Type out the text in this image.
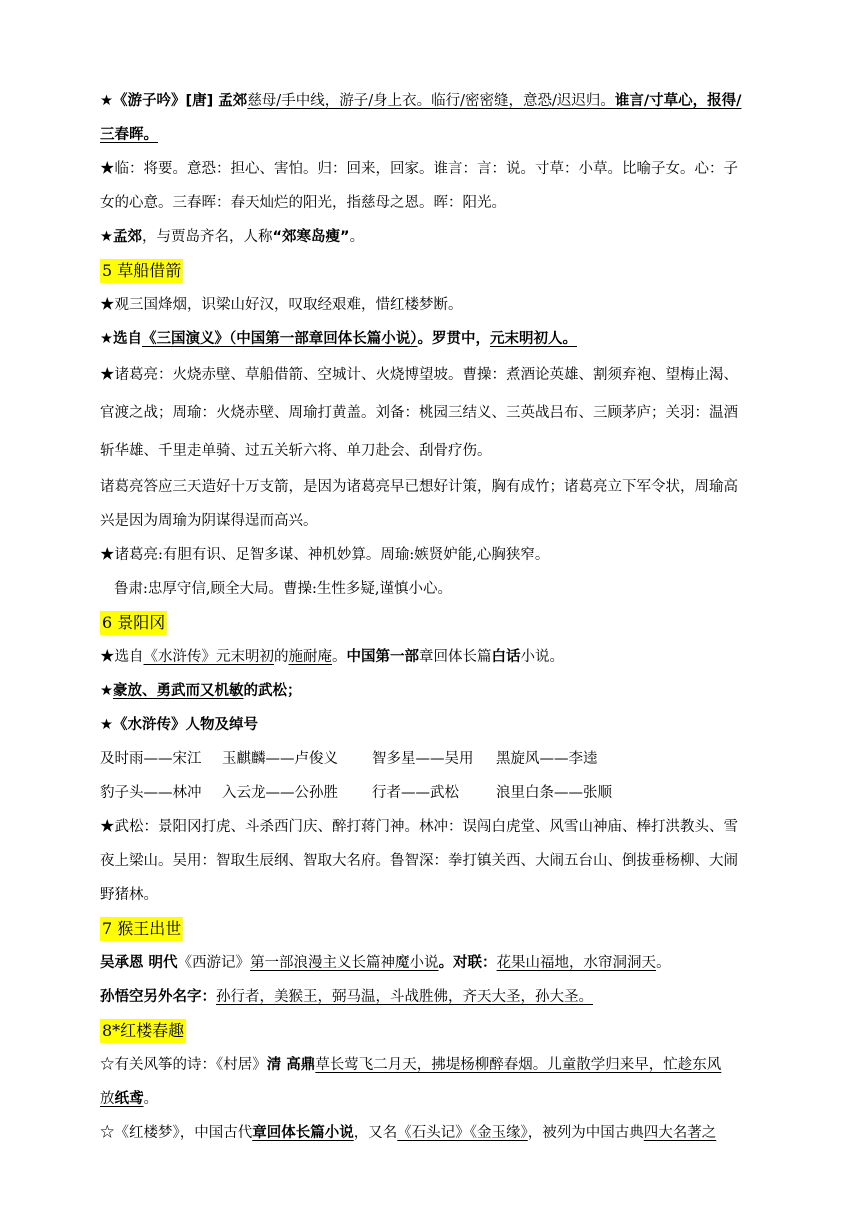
★《游子吟》[唐] 孟郊慈母/手中线，游子/身上衣。临行/密密缝，意恐/迟迟归。谁言/寸草心，报得/

三春晖。

★临：将要。意恐：担心、害怕。归：回来，回家。谁言：言：说。寸草：小草。比喻子女。心：子

女的心意。三春晖：春天灿烂的阳光，指慈母之恩。晖：阳光。

★孟郊，与贾岛齐名，人称“郊寒岛瘦”。

5 草船借箭

★观三国烽烟，识梁山好汉，叹取经艰难，惜红楼梦断。

★选自《三国演义》（中国第一部章回体长篇小说）。罗贯中，元末明初人。

★诸葛亮：火烧赤壁、草船借箭、空城计、火烧博望坡。曹操：煮酒论英雄、割须弃袍、望梅止渴、

官渡之战；周瑜：火烧赤壁、周瑜打黄盖。刘备：桃园三结义、三英战吕布、三顾茅庐；关羽：温酒

斩华雄、千里走单骑、过五关斩六将、单刀赴会、刮骨疗伤。

诸葛亮答应三天造好十万支箭，是因为诸葛亮早已想好计策，胸有成竹；诸葛亮立下军令状，周瑜高

兴是因为周瑜为阴谋得逞而高兴。

★诸葛亮:有胆有识、足智多谋、神机妙算。周瑜:嫉贤妒能,心胸狭窄。

鲁肃:忠厚守信,顾全大局。曹操:生性多疑,谨慎小心。

6 景阳冈

★选自《水浒传》元末明初的施耐庵。中国第一部章回体长篇白话小说。

★豪放、勇武而又机敏的武松；

★《水浒传》人物及绰号

及时雨——宋江 玉麒麟——卢俊义 智多星——吴用 黑旋风——李逵

豹子头——林冲 入云龙——公孙胜 行者——武松	浪里白条——张顺

★武松：景阳冈打虎、斗杀西门庆、醉打蒋门神。林冲：误闯白虎堂、风雪山神庙、棒打洪教头、雪

夜上梁山。吴用：智取生辰纲、智取大名府。鲁智深：拳打镇关西、大闹五台山、倒拔垂杨柳、大闹

野猪林。

7 猴王出世

吴承恩 明代《西游记》第一部浪漫主义长篇神魔小说。对联：花果山福地，水帘洞洞天。

孙悟空另外名字：孙行者，美猴王，弼马温，斗战胜佛，齐天大圣，孙大圣。

8*红楼春趣

☆有关风筝的诗：《村居》清 高鼎草长莺飞二月天，拂堤杨柳醉春烟。儿童散学归来早，忙趁东风

放纸鸢。

☆《红楼梦》，中国古代章回体长篇小说，又名《石头记》《金玉缘》，被列为中国古典四大名著之
